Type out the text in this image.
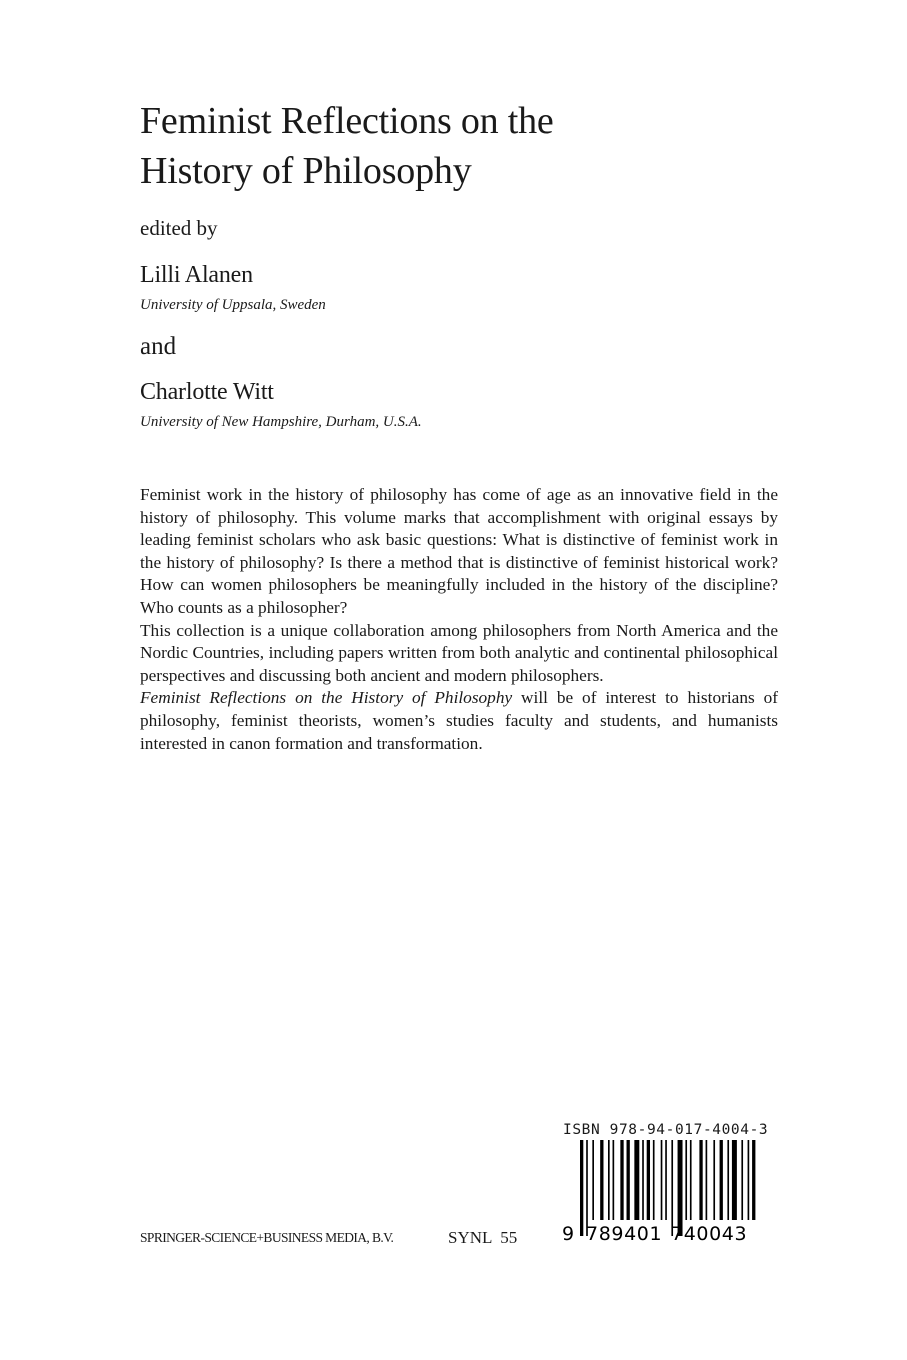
Feminist Reflections on the
History of Philosophy
edited by
Lilli Alanen
University of Uppsala, Sweden
and
Charlotte Witt
University of New Hampshire, Durham, U.S.A.

Feminist work in the history of philosophy has come of age as an innovative field in the history of philosophy. This volume marks that accomplishment with original essays by leading feminist scholars who ask basic questions: What is distinctive of feminist work in the history of philosophy? Is there a method that is distinctive of feminist historical work? How can women philosophers be meaningfully included in the history of the discipline? Who counts as a philosopher?

This collection is a unique collaboration among philosophers from North America and the Nordic Countries, including papers written from both analytic and continental philosophical perspectives and discussing both ancient and modern philosophers.

Feminist Reflections on the History of Philosophy will be of interest to historians of philosophy, feminist theorists, women’s studies faculty and students, and humanists interested in canon formation and transformation.

ISBN 978-94-017-4004-3
9 789401 740043
SPRINGER-SCIENCE+BUSINESS MEDIA, B.V.	SYNL  55
